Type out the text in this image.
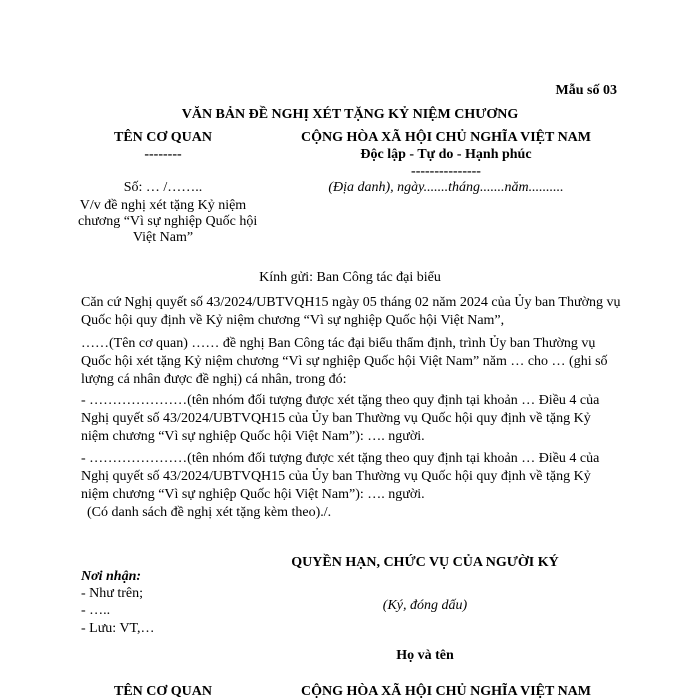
Mẫu số 03
VĂN BẢN ĐỀ NGHỊ XÉT TẶNG KỶ NIỆM CHƯƠNG
TÊN CƠ QUAN
--------
CỘNG HÒA XÃ HỘI CHỦ NGHĨA VIỆT NAM
Độc lập - Tự do - Hạnh phúc
---------------
Số: … /……..
V/v đề nghị xét tặng Kỷ niệm
chương “Vì sự nghiệp Quốc hội
Việt Nam”
(Địa danh), ngày.......tháng.......năm..........
Kính gửi: Ban Công tác đại biểu
Căn cứ Nghị quyết số 43/2024/UBTVQH15 ngày 05 tháng 02 năm 2024 của Ủy ban Thường vụ Quốc hội quy định về Kỷ niệm chương “Vì sự nghiệp Quốc hội Việt Nam”,
……(Tên cơ quan) …… đề nghị Ban Công tác đại biểu thẩm định, trình Ủy ban Thường vụ Quốc hội xét tặng Kỷ niệm chương “Vì sự nghiệp Quốc hội Việt Nam” năm … cho … (ghi số lượng cá nhân được đề nghị) cá nhân, trong đó:
- …………………(tên nhóm đối tượng được xét tặng theo quy định tại khoản … Điều 4 của Nghị quyết số 43/2024/UBTVQH15 của Ủy ban Thường vụ Quốc hội quy định về tặng Kỷ niệm chương “Vì sự nghiệp Quốc hội Việt Nam”): …. người.
- …………………(tên nhóm đối tượng được xét tặng theo quy định tại khoản … Điều 4 của Nghị quyết số 43/2024/UBTVQH15 của Ủy ban Thường vụ Quốc hội quy định về tặng Kỷ niệm chương “Vì sự nghiệp Quốc hội Việt Nam”): …. người.
(Có danh sách đề nghị xét tặng kèm theo)./.
Nơi nhận:
- Như trên;
- …..
- Lưu: VT,…
QUYỀN HẠN, CHỨC VỤ CỦA NGƯỜI KÝ
(Ký, đóng dấu)
Họ và tên
TÊN CƠ QUAN	CỘNG HÒA XÃ HỘI CHỦ NGHĨA VIỆT NAM
